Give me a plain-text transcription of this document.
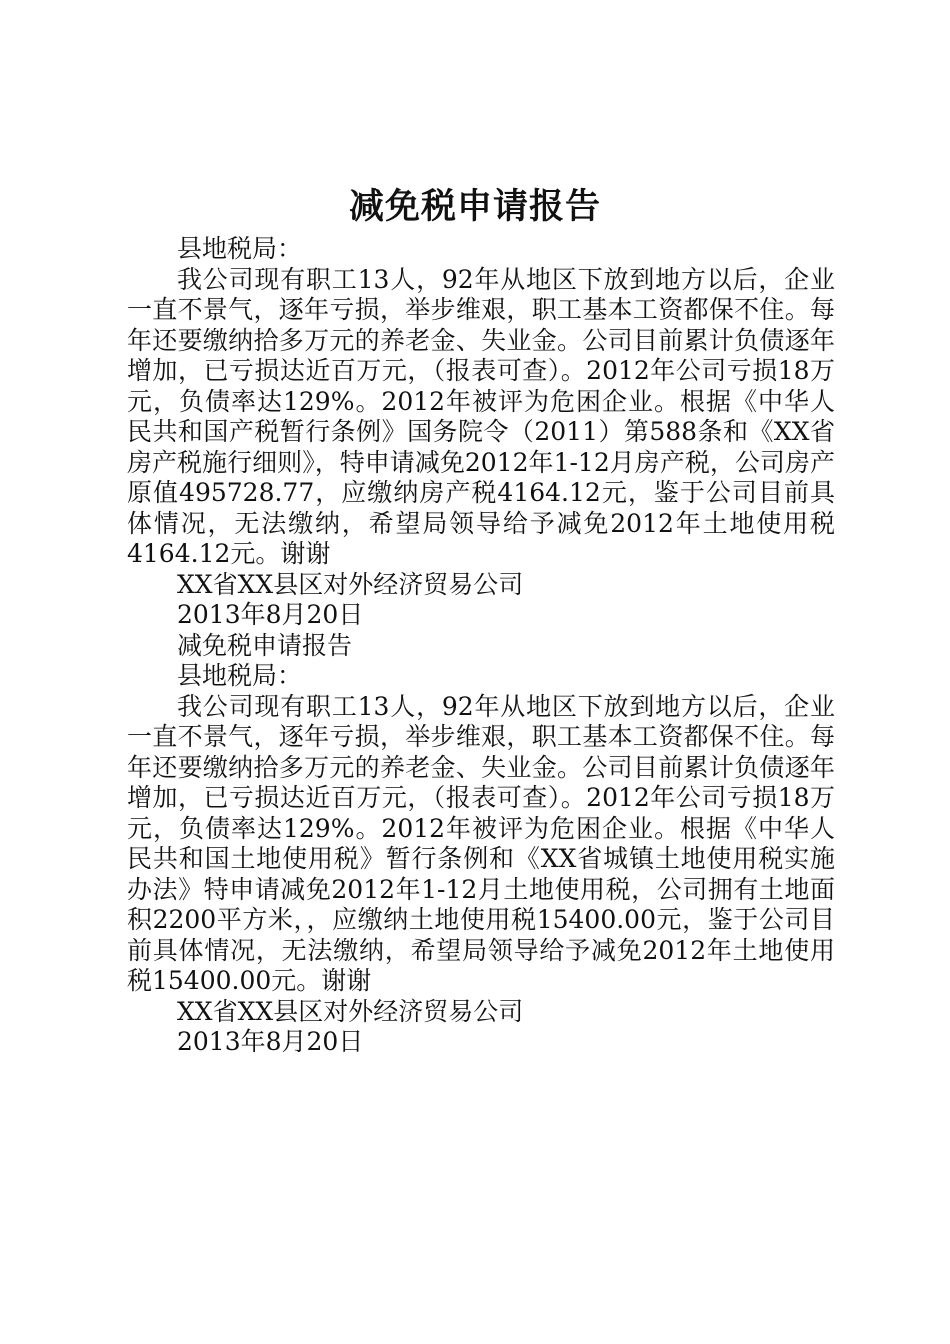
减免税申请报告

县地税局：

我公司现有职工13人，92年从地区下放到地方以后，企业一直不景气，逐年亏损，举步维艰，职工基本工资都保不住。每年还要缴纳拾多万元的养老金、失业金。公司目前累计负债逐年增加，已亏损达近百万元，（报表可查）。2012年公司亏损18万元，负债率达129%。2012年被评为危困企业。根据《中华人民共和国产税暂行条例》国务院令（2011）第588条和《XX省房产税施行细则》，特申请减免2012年1-12月房产税，公司房产原值495728.77，应缴纳房产税4164.12元，鉴于公司目前具体情况，无法缴纳，希望局领导给予减免2012年土地使用税4164.12元。谢谢

XX省XX县区对外经济贸易公司

2013年8月20日

减免税申请报告

县地税局：

我公司现有职工13人，92年从地区下放到地方以后，企业一直不景气，逐年亏损，举步维艰，职工基本工资都保不住。每年还要缴纳拾多万元的养老金、失业金。公司目前累计负债逐年增加，已亏损达近百万元，（报表可查）。2012年公司亏损18万元，负债率达129%。2012年被评为危困企业。根据《中华人民共和国土地使用税》暂行条例和《XX省城镇土地使用税实施办法》特申请减免2012年1-12月土地使用税，公司拥有土地面积2200平方米，，应缴纳土地使用税15400.00元，鉴于公司目前具体情况，无法缴纳，希望局领导给予减免2012年土地使用税15400.00元。谢谢

XX省XX县区对外经济贸易公司

2013年8月20日
